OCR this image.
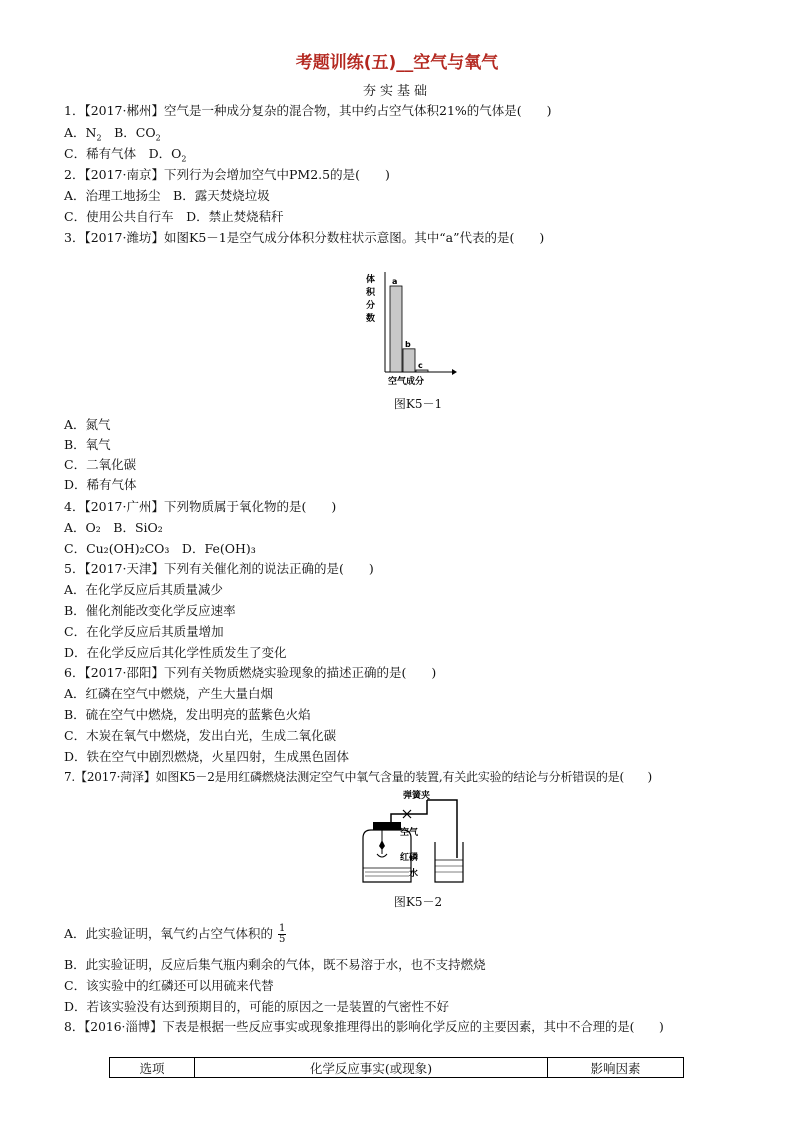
考题训练(五)__空气与氧气
夯实基础
1．【2017·郴州】空气是一种成分复杂的混合物，其中约占空气体积21%的气体是(　　)
A．$N_2$　B．$CO_2$
C．稀有气体　D．$O_2$
2．【2017·南京】下列行为会增加空气中PM2.5的是(　　)
A．治理工地扬尘　B．露天焚烧垃圾
C．使用公共自行车　D．禁止焚烧秸秆
3．【2017·潍坊】如图K5－1是空气成分体积分数柱状示意图。其中“a”代表的是(　　)
体
积
分
数
a
b
c
空气成分
图K5－1
A．氮气
B．氧气
C．二氧化碳
D．稀有气体
4．【2017·广州】下列物质属于氧化物的是(　　)
A．O₂　B．SiO₂
C．Cu₂(OH)₂CO₃　D．Fe(OH)₃
5．【2017·天津】下列有关催化剂的说法正确的是(　　)
A．在化学反应后其质量减少
B．催化剂能改变化学反应速率
C．在化学反应后其质量增加
D．在化学反应后其化学性质发生了变化
6．【2017·邵阳】下列有关物质燃烧实验现象的描述正确的是(　　)
A．红磷在空气中燃烧，产生大量白烟
B．硫在空气中燃烧，发出明亮的蓝紫色火焰
C．木炭在氧气中燃烧，发出白光，生成二氧化碳
D．铁在空气中剧烈燃烧，火星四射，生成黑色固体
7.【2017·菏泽】如图K5－2是用红磷燃烧法测定空气中氧气含量的装置,有关此实验的结论与分析错误的是(　　)
弹簧夹
空气
红磷
水
图K5－2
A．此实验证明，氧气约占空气体积的 $\frac{1}{5}$
B．此实验证明，反应后集气瓶内剩余的气体，既不易溶于水，也不支持燃烧
C．该实验中的红磷还可以用硫来代替
D．若该实验没有达到预期目的，可能的原因之一是装置的气密性不好
8．【2016·淄博】下表是根据一些反应事实或现象推理得出的影响化学反应的主要因素，其中不合理的是(　　)
选项	化学反应事实(或现象)	影响因素
